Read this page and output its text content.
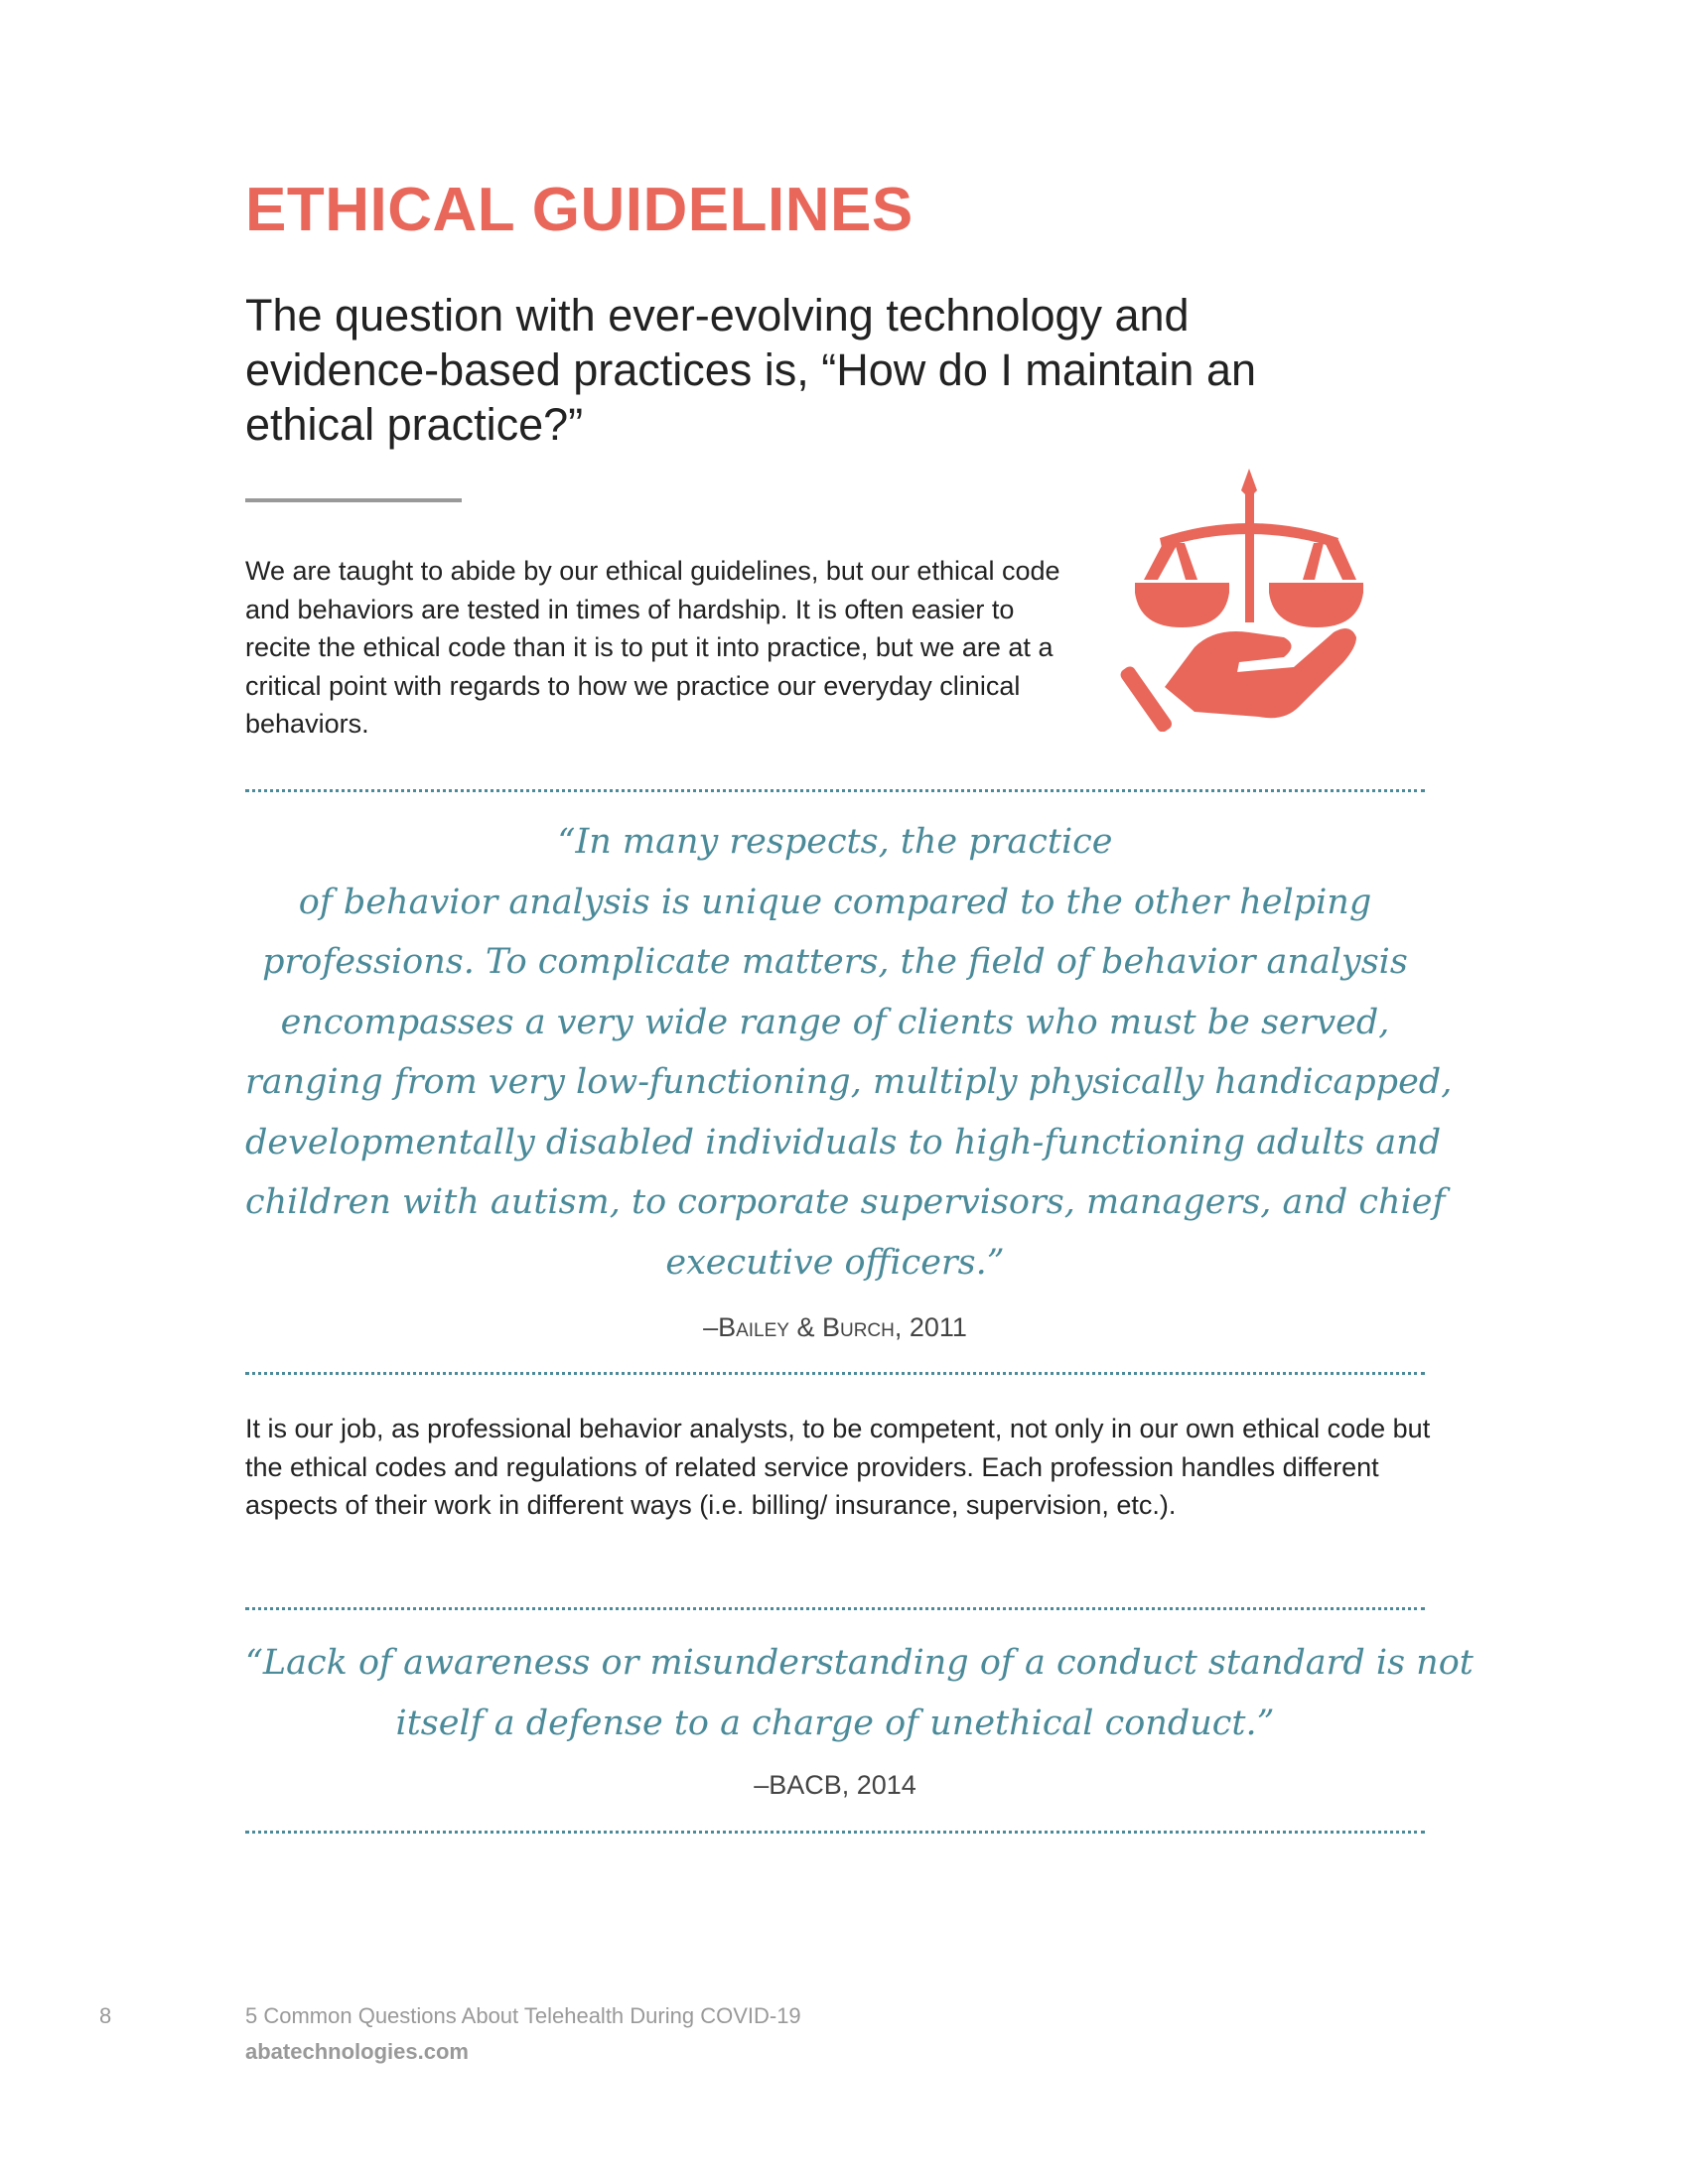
ETHICAL GUIDELINES
The question with ever-evolving technology and evidence-based practices is, “How do I maintain an ethical practice?”

We are taught to abide by our ethical guidelines, but our ethical code and behaviors are tested in times of hardship. It is often easier to recite the ethical code than it is to put it into practice, but we are at a critical point with regards to how we practice our everyday clinical behaviors.

“In many respects, the practice
of behavior analysis is unique compared to the other helping
professions. To complicate matters, the field of behavior analysis
encompasses a very wide range of clients who must be served,
ranging from very low-functioning, multiply physically handicapped,
developmentally disabled individuals to high-functioning adults and
children with autism, to corporate supervisors, managers, and chief
executive officers.”
–Bailey & Burch, 2011

It is our job, as professional behavior analysts, to be competent, not only in our own ethical code but the ethical codes and regulations of related service providers. Each profession handles different aspects of their work in different ways (i.e. billing/ insurance, supervision, etc.).

“Lack of awareness or misunderstanding of a conduct standard is not
itself a defense to a charge of unethical conduct.”
–BACB, 2014
8	5 Common Questions About Telehealth During COVID-19
abatechnologies.com
